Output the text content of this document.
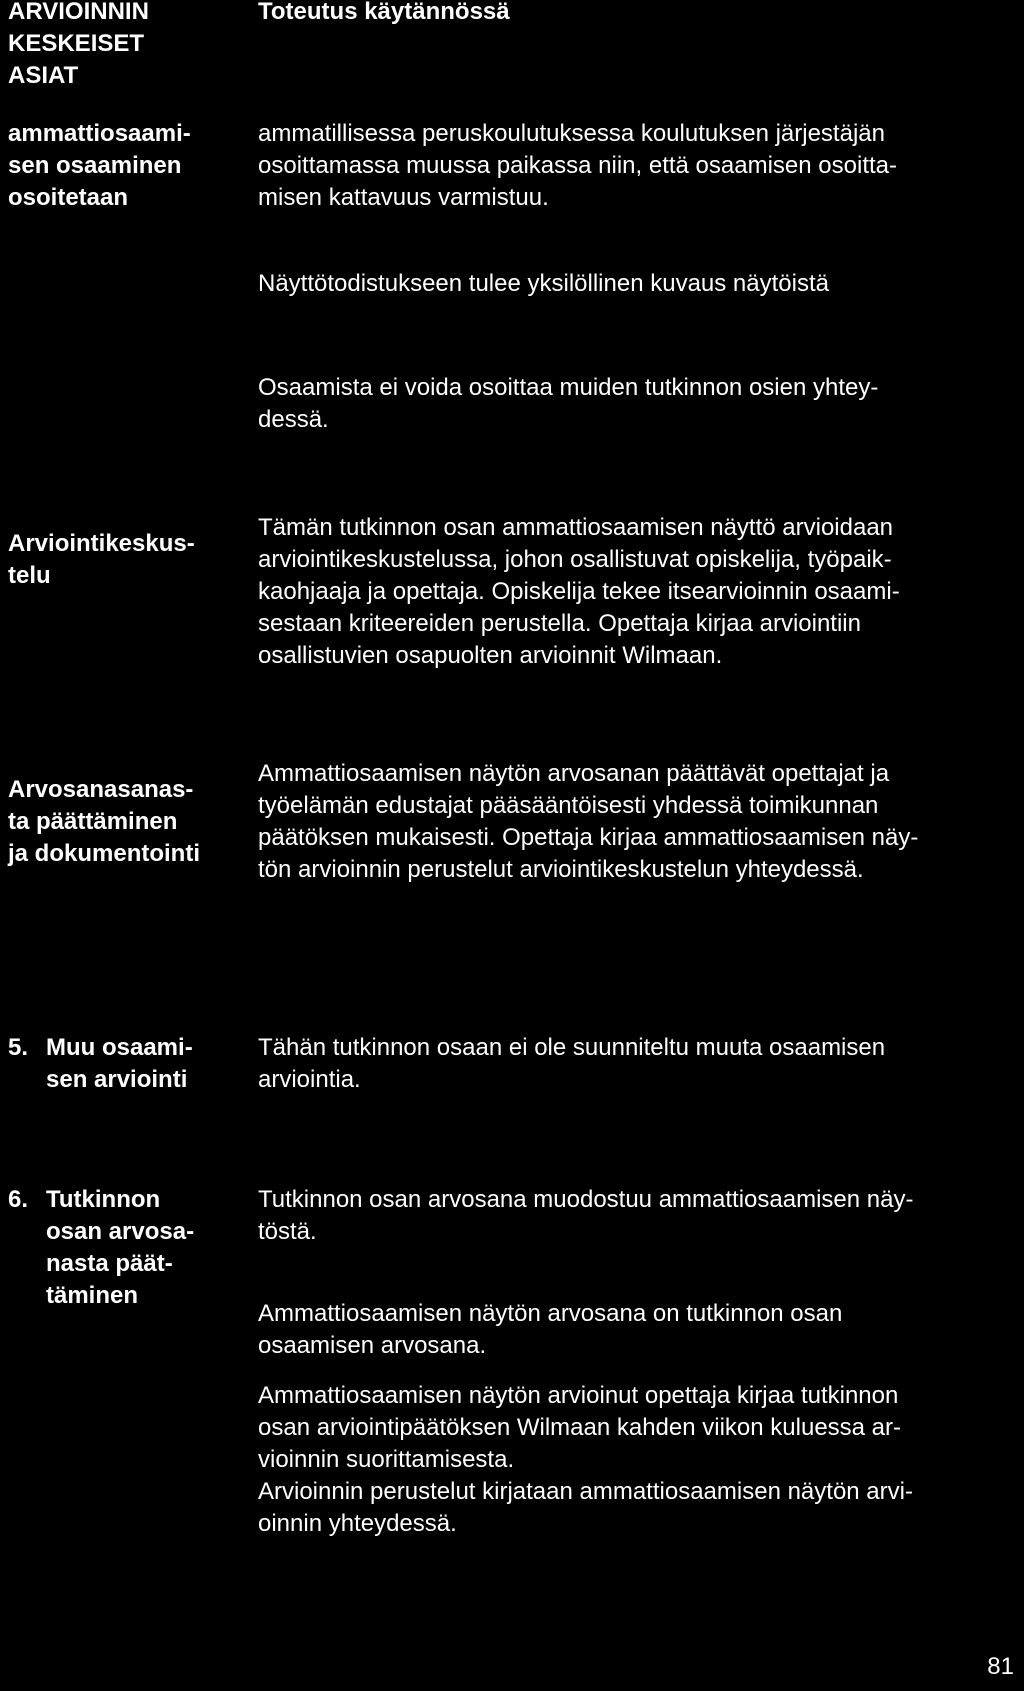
ARVIOINNIN
KESKEISET
ASIAT
Toteutus käytännössä
ammattiosaami-
sen osaaminen
osoitetaan
ammatillisessa peruskoulutuksessa koulutuksen järjestäjän
osoittamassa muussa paikassa niin, että osaamisen osoitta-
misen kattavuus varmistuu.
Näyttötodistukseen tulee yksilöllinen kuvaus näytöistä
Osaamista ei voida osoittaa muiden tutkinnon osien yhtey-
dessä.
Arviointikeskus-
telu
Tämän tutkinnon osan ammattiosaamisen näyttö arvioidaan
arviointikeskustelussa, johon osallistuvat opiskelija, työpaik-
kaohjaaja ja opettaja. Opiskelija tekee itsearvioinnin osaami-
sestaan kriteereiden perustella. Opettaja kirjaa arviointiin
osallistuvien osapuolten arvioinnit Wilmaan.
Arvosanasanas-
ta päättäminen
ja dokumentointi
Ammattiosaamisen näytön arvosanan päättävät opettajat ja
työelämän edustajat pääsääntöisesti yhdessä toimikunnan
päätöksen mukaisesti. Opettaja kirjaa ammattiosaamisen näy-
tön arvioinnin perustelut arviointikeskustelun yhteydessä.
5. Muu osaami-
sen arviointi
Tähän tutkinnon osaan ei ole suunniteltu muuta osaamisen
arviointia.
6. Tutkinnon
osan arvosa-
nasta päät-
täminen
Tutkinnon osan arvosana muodostuu ammattiosaamisen näy-
töstä.
Ammattiosaamisen näytön arvosana on tutkinnon osan
osaamisen arvosana.
Ammattiosaamisen näytön arvioinut opettaja kirjaa tutkinnon
osan arviointipäätöksen Wilmaan kahden viikon kuluessa ar-
vioinnin suorittamisesta.
Arvioinnin perustelut kirjataan ammattiosaamisen näytön arvi-
oinnin yhteydessä.
81
